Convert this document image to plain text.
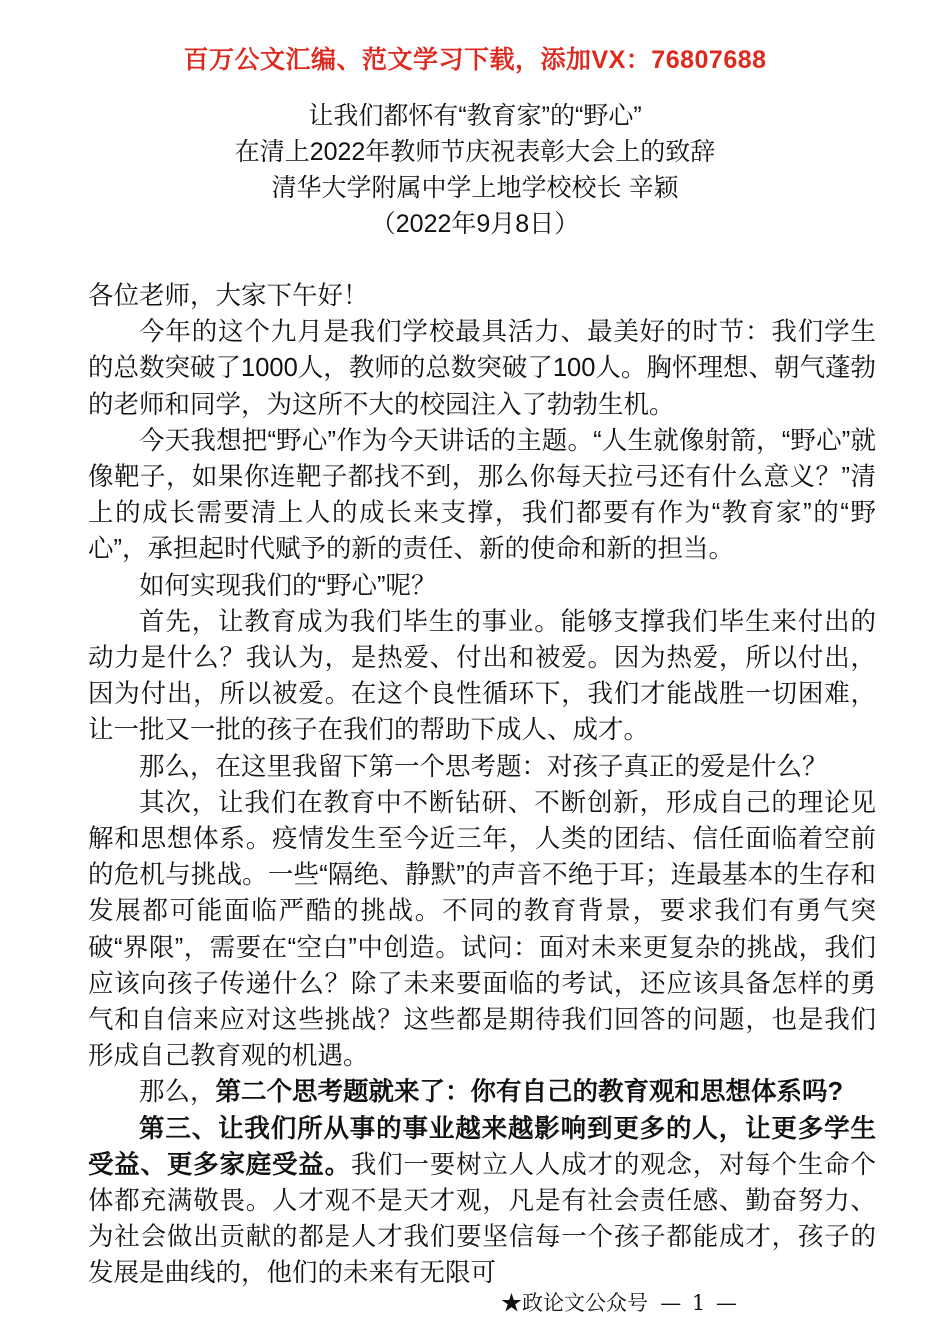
百万公文汇编、范文学习下载，添加VX：76807688
让我们都怀有“教育家”的“野心”
在清上2022年教师节庆祝表彰大会上的致辞
清华大学附属中学上地学校校长 辛颖
（2022年9月8日）

各位老师，大家下午好！

今年的这个九月是我们学校最具活力、最美好的时节：我们学生的总数突破了1000人，教师的总数突破了100人。胸怀理想、朝气蓬勃的老师和同学，为这所不大的校园注入了勃勃生机。

今天我想把“野心”作为今天讲话的主题。“人生就像射箭，“野心”就像靶子，如果你连靶子都找不到，那么你每天拉弓还有什么意义？”清上的成长需要清上人的成长来支撑，我们都要有作为“教育家”的“野心”，承担起时代赋予的新的责任、新的使命和新的担当。

如何实现我们的“野心”呢？

首先，让教育成为我们毕生的事业。能够支撑我们毕生来付出的动力是什么？我认为，是热爱、付出和被爱。因为热爱，所以付出，因为付出，所以被爱。在这个良性循环下，我们才能战胜一切困难，让一批又一批的孩子在我们的帮助下成人、成才。

那么，在这里我留下第一个思考题：对孩子真正的爱是什么？

其次，让我们在教育中不断钻研、不断创新，形成自己的理论见解和思想体系。疫情发生至今近三年，人类的团结、信任面临着空前的危机与挑战。一些“隔绝、静默”的声音不绝于耳；连最基本的生存和发展都可能面临严酷的挑战。不同的教育背景，要求我们有勇气突破“界限”，需要在“空白”中创造。试问：面对未来更复杂的挑战，我们应该向孩子传递什么？除了未来要面临的考试，还应该具备怎样的勇气和自信来应对这些挑战？这些都是期待我们回答的问题，也是我们形成自己教育观的机遇。

那么，第二个思考题就来了：你有自己的教育观和思想体系吗?

第三、让我们所从事的事业越来越影响到更多的人，让更多学生受益、更多家庭受益。我们一要树立人人成才的观念，对每个生命个体都充满敬畏。人才观不是天才观，凡是有社会责任感、勤奋努力、为社会做出贡献的都是人才我们要坚信每一个孩子都能成才，孩子的发展是曲线的，他们的未来有无限可

★政论文公众号 — 1 —
